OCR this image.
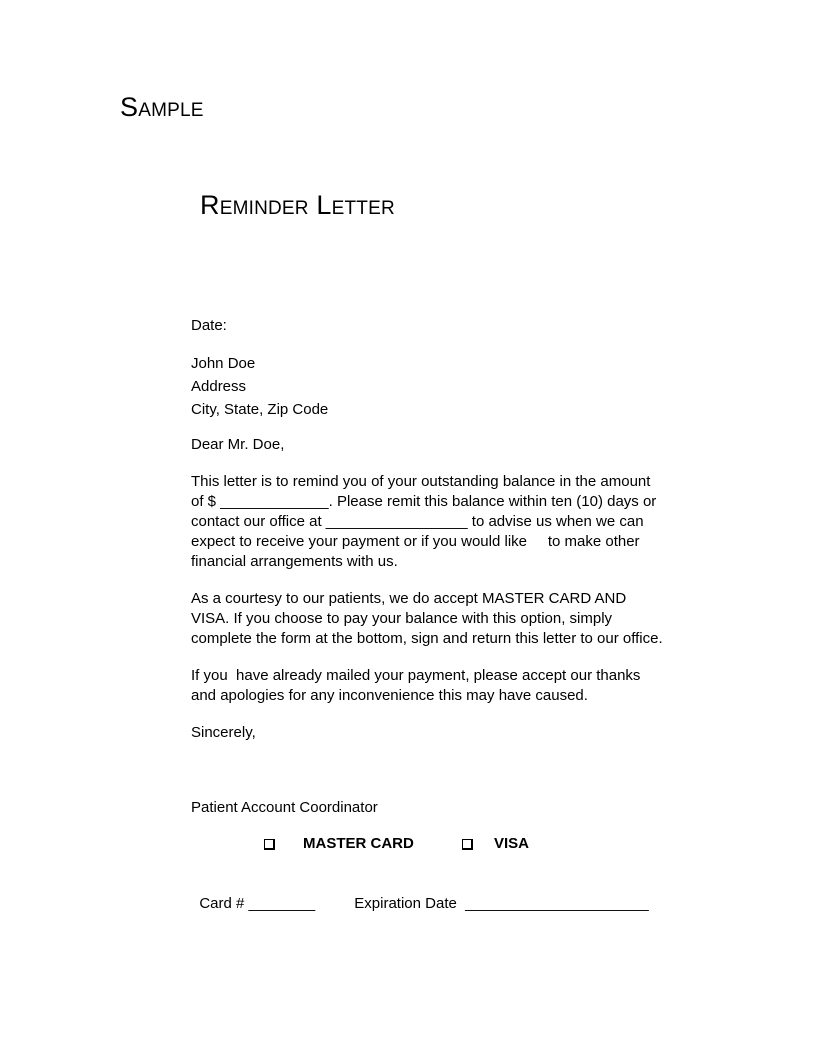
Sample
Reminder Letter
Date:
John Doe
Address
City, State, Zip Code
Dear Mr. Doe,
This letter is to remind you of your outstanding balance in the amount
of $ _____________. Please remit this balance within ten (10) days or
contact our office at _________________ to advise us when we can
expect to receive your payment or if you would like     to make other
financial arrangements with us.
As a courtesy to our patients, we do accept MASTER CARD AND
VISA. If you choose to pay your balance with this option, simply
complete the form at the bottom, sign and return this letter to our office.
If you  have already mailed your payment, please accept our thanks
and apologies for any inconvenience this may have caused.
Sincerely,
Patient Account Coordinator
MASTER CARD	VISA

Card # ________	Expiration Date  ______________________
